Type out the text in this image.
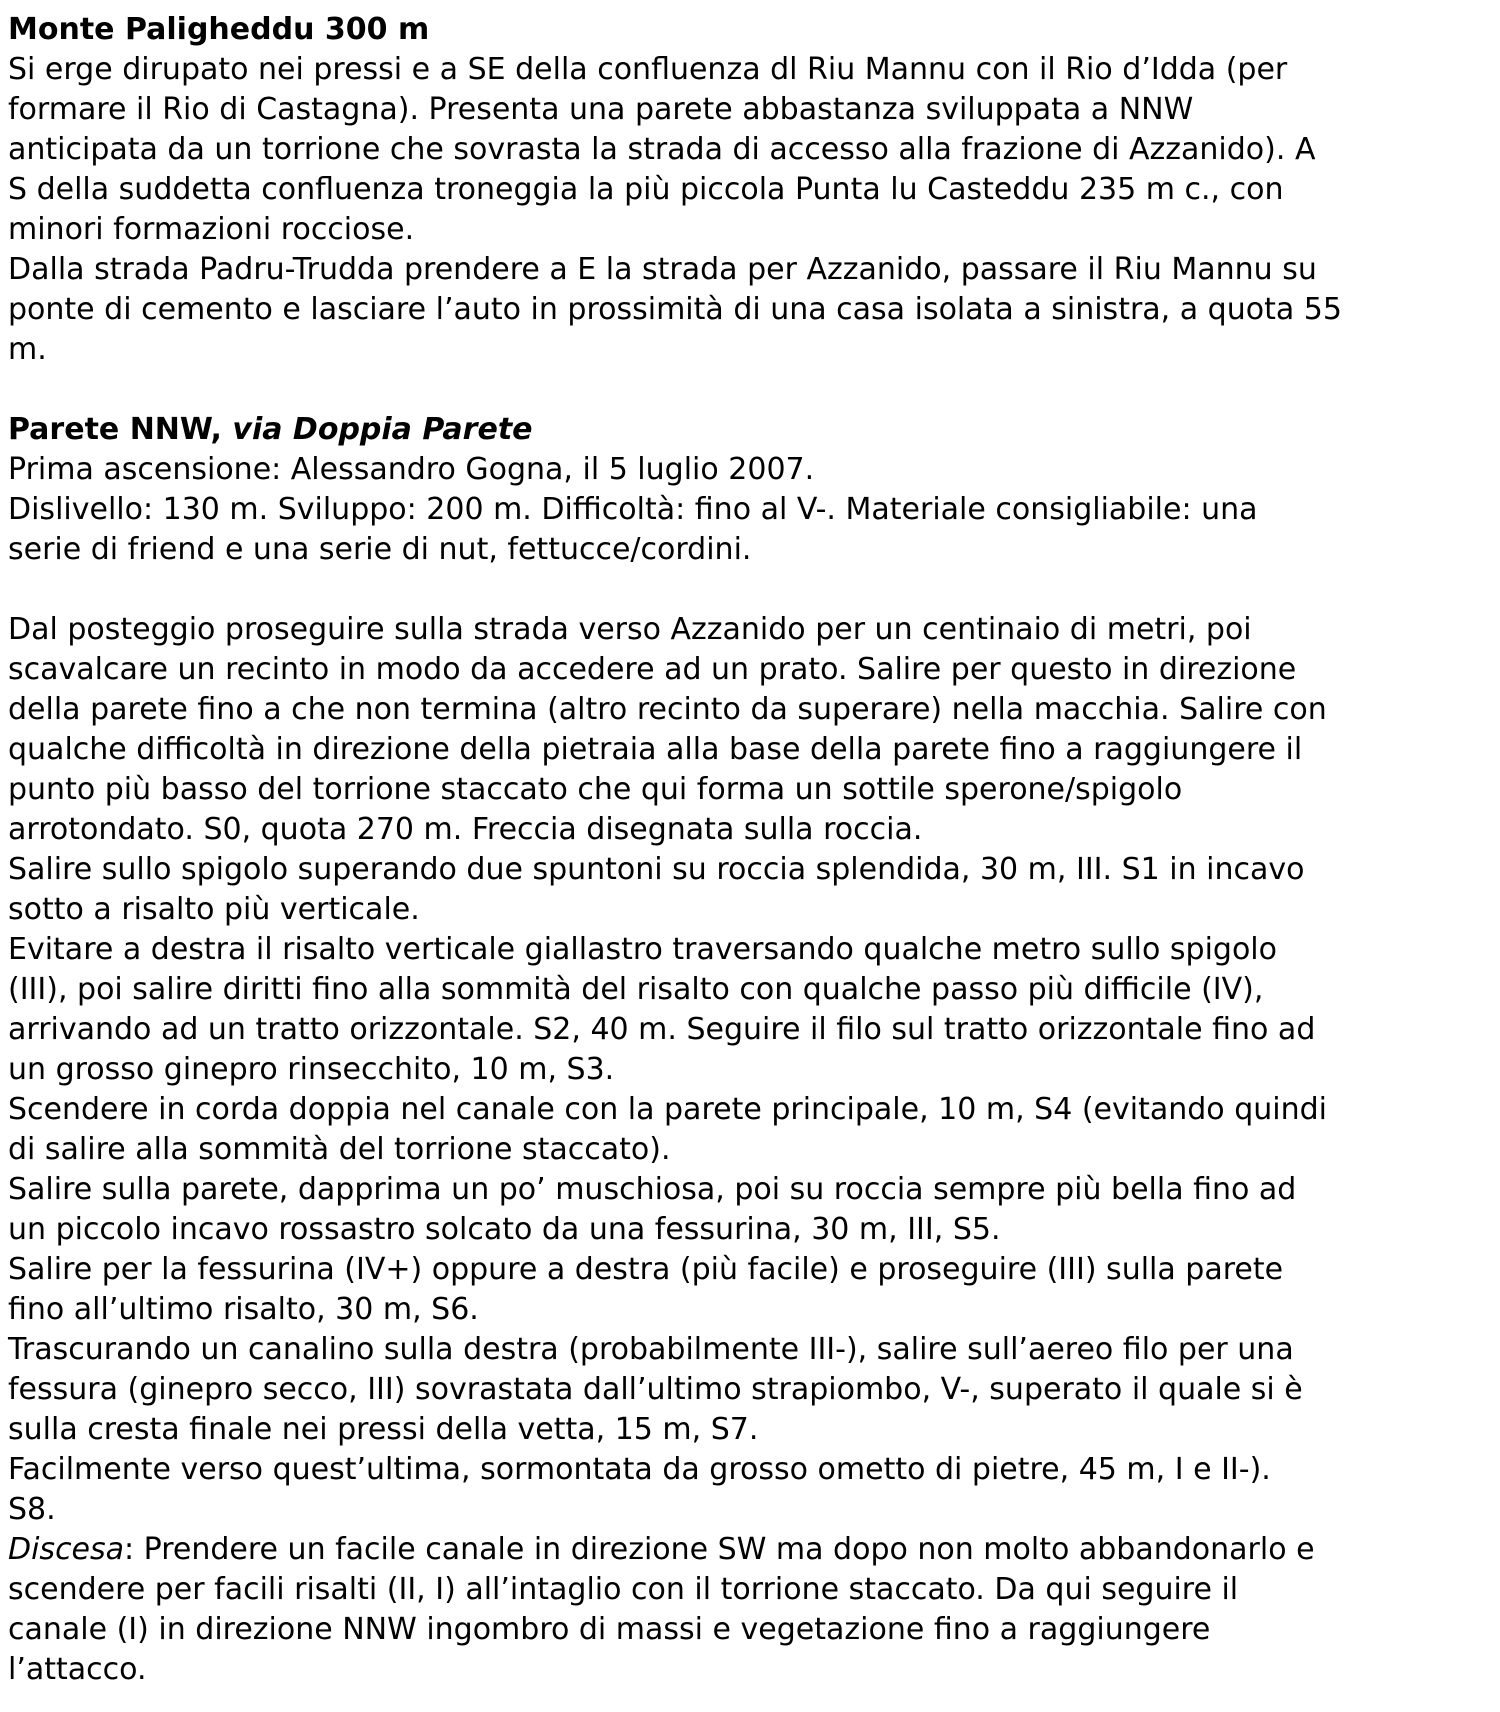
Monte Paligheddu 300 m

Si erge dirupato nei pressi e a SE della confluenza dl Riu Mannu con il Rio d’Idda (per

formare il Rio di Castagna). Presenta una parete abbastanza sviluppata a NNW

anticipata da un torrione che sovrasta la strada di accesso alla frazione di Azzanido). A

S della suddetta confluenza troneggia la più piccola Punta lu Casteddu 235 m c., con

minori formazioni rocciose.

Dalla strada Padru-Trudda prendere a E la strada per Azzanido, passare il Riu Mannu su

ponte di cemento e lasciare l’auto in prossimità di una casa isolata a sinistra, a quota 55

m.

Parete NNW, via Doppia Parete

Prima ascensione: Alessandro Gogna, il 5 luglio 2007.

Dislivello: 130 m. Sviluppo: 200 m. Difficoltà: fino al V-. Materiale consigliabile: una

serie di friend e una serie di nut, fettucce/cordini.

Dal posteggio proseguire sulla strada verso Azzanido per un centinaio di metri, poi

scavalcare un recinto in modo da accedere ad un prato. Salire per questo in direzione

della parete fino a che non termina (altro recinto da superare) nella macchia. Salire con

qualche difficoltà in direzione della pietraia alla base della parete fino a raggiungere il

punto più basso del torrione staccato che qui forma un sottile sperone/spigolo

arrotondato. S0, quota 270 m. Freccia disegnata sulla roccia.

Salire sullo spigolo superando due spuntoni su roccia splendida, 30 m, III. S1 in incavo

sotto a risalto più verticale.

Evitare a destra il risalto verticale giallastro traversando qualche metro sullo spigolo

(III), poi salire diritti fino alla sommità del risalto con qualche passo più difficile (IV),

arrivando ad un tratto orizzontale. S2, 40 m. Seguire il filo sul tratto orizzontale fino ad

un grosso ginepro rinsecchito, 10 m, S3.

Scendere in corda doppia nel canale con la parete principale, 10 m, S4 (evitando quindi

di salire alla sommità del torrione staccato).

Salire sulla parete, dapprima un po’ muschiosa, poi su roccia sempre più bella fino ad

un piccolo incavo rossastro solcato da una fessurina, 30 m, III, S5.

Salire per la fessurina (IV+) oppure a destra (più facile) e proseguire (III) sulla parete

fino all’ultimo risalto, 30 m, S6.

Trascurando un canalino sulla destra (probabilmente III-), salire sull’aereo filo per una

fessura (ginepro secco, III) sovrastata dall’ultimo strapiombo, V-, superato il quale si è

sulla cresta finale nei pressi della vetta, 15 m, S7.

Facilmente verso quest’ultima, sormontata da grosso ometto di pietre, 45 m, I e II-).

S8.

Discesa: Prendere un facile canale in direzione SW ma dopo non molto abbandonarlo e

scendere per facili risalti (II, I) all’intaglio con il torrione staccato. Da qui seguire il

canale (I) in direzione NNW ingombro di massi e vegetazione fino a raggiungere

l’attacco.
